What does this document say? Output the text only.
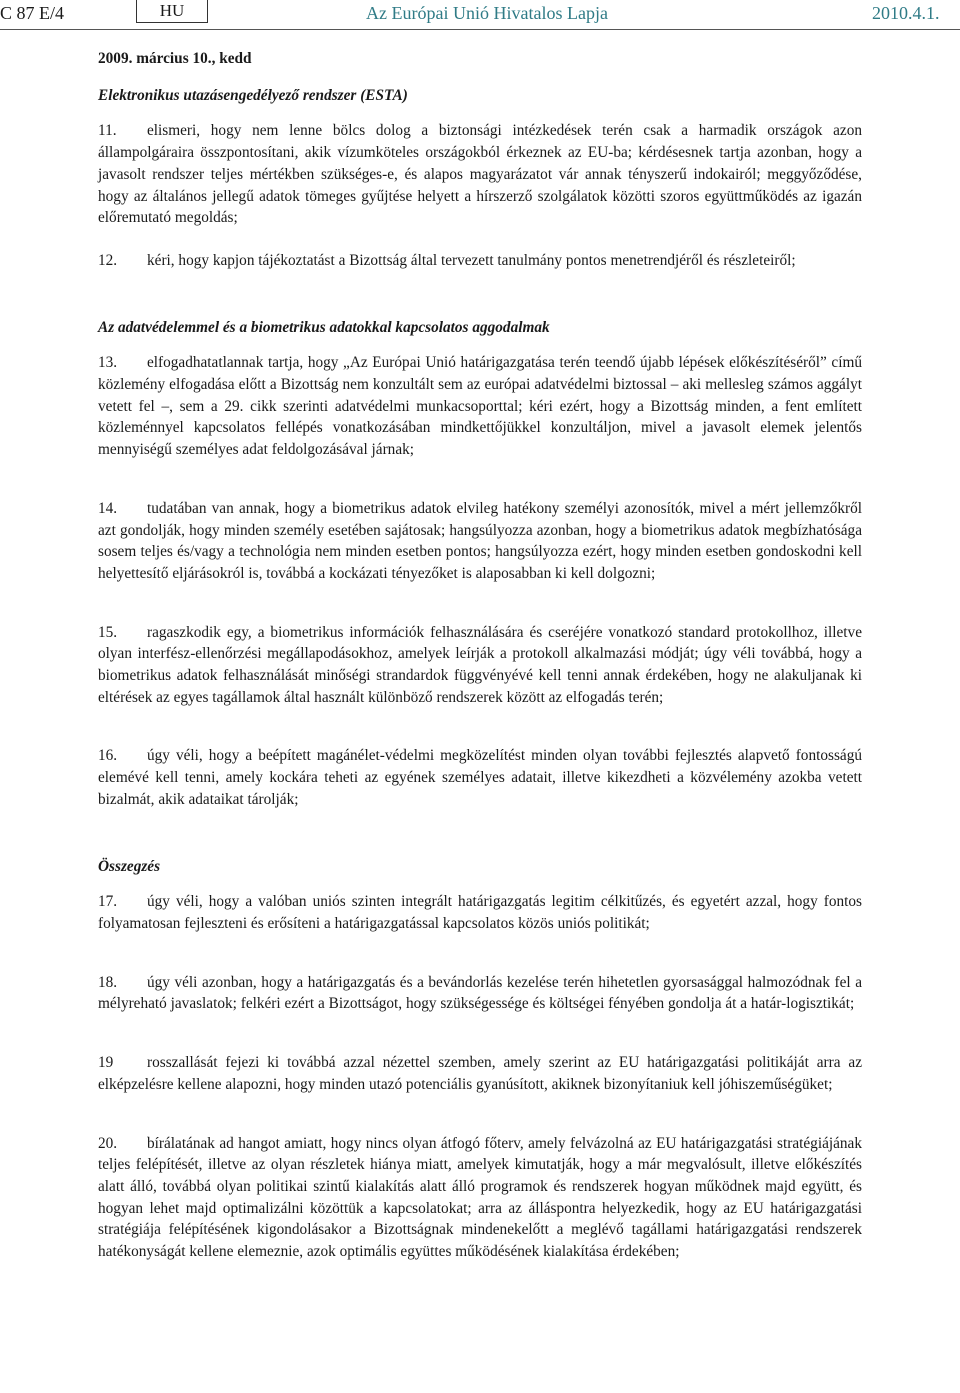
C 87 E/4	HU	Az Európai Unió Hivatalos Lapja	2010.4.1.

2009. március 10., kedd

Elektronikus utazásengedélyező rendszer (ESTA)

11. elismeri, hogy nem lenne bölcs dolog a biztonsági intézkedések terén csak a harmadik országok azon állampolgáraira összpontosítani, akik vízumköteles országokból érkeznek az EU-ba; kérdésesnek tartja azonban, hogy a javasolt rendszer teljes mértékben szükséges-e, és alapos magyarázatot vár annak tényszerű indokairól; meggyőződése, hogy az általános jellegű adatok tömeges gyűjtése helyett a hírszerző szolgálatok közötti szoros együttműködés az igazán előremutató megoldás;

12. kéri, hogy kapjon tájékoztatást a Bizottság által tervezett tanulmány pontos menetrendjéről és részleteiről;

Az adatvédelemmel és a biometrikus adatokkal kapcsolatos aggodalmak

13. elfogadhatatlannak tartja, hogy „Az Európai Unió határigazgatása terén teendő újabb lépések előkészítéséről” című közlemény elfogadása előtt a Bizottság nem konzultált sem az európai adatvédelmi biztossal – aki mellesleg számos aggályt vetett fel –, sem a 29. cikk szerinti adatvédelmi munkacsoporttal; kéri ezért, hogy a Bizottság minden, a fent említett közleménnyel kapcsolatos fellépés vonatkozásában mindkettőjükkel konzultáljon, mivel a javasolt elemek jelentős mennyiségű személyes adat feldolgozásával járnak;

14. tudatában van annak, hogy a biometrikus adatok elvileg hatékony személyi azonosítók, mivel a mért jellemzőkről azt gondolják, hogy minden személy esetében sajátosak; hangsúlyozza azonban, hogy a biometrikus adatok megbízhatósága sosem teljes és/vagy a technológia nem minden esetben pontos; hangsúlyozza ezért, hogy minden esetben gondoskodni kell helyettesítő eljárásokról is, továbbá a kockázati tényezőket is alaposabban ki kell dolgozni;

15. ragaszkodik egy, a biometrikus információk felhasználására és cseréjére vonatkozó standard protokollhoz, illetve olyan interfész-ellenőrzési megállapodásokhoz, amelyek leírják a protokoll alkalmazási módját; úgy véli továbbá, hogy a biometrikus adatok felhasználását minőségi strandardok függvényévé kell tenni annak érdekében, hogy ne alakuljanak ki eltérések az egyes tagállamok által használt különböző rendszerek között az elfogadás terén;

16. úgy véli, hogy a beépített magánélet-védelmi megközelítést minden olyan további fejlesztés alapvető fontosságú elemévé kell tenni, amely kockára teheti az egyének személyes adatait, illetve kikezdheti a közvélemény azokba vetett bizalmát, akik adataikat tárolják;

Összegzés

17. úgy véli, hogy a valóban uniós szinten integrált határigazgatás legitim célkitűzés, és egyetért azzal, hogy fontos folyamatosan fejleszteni és erősíteni a határigazgatással kapcsolatos közös uniós politikát;

18. úgy véli azonban, hogy a határigazgatás és a bevándorlás kezelése terén hihetetlen gyorsasággal halmozódnak fel a mélyreható javaslatok; felkéri ezért a Bizottságot, hogy szükségessége és költségei fényében gondolja át a határ-logisztikát;

19 rosszallását fejezi ki továbbá azzal nézettel szemben, amely szerint az EU határigazgatási politikáját arra az elképzelésre kellene alapozni, hogy minden utazó potenciális gyanúsított, akiknek bizonyítaniuk kell jóhiszeműségüket;

20. bírálatának ad hangot amiatt, hogy nincs olyan átfogó főterv, amely felvázolná az EU határigazgatási stratégiájának teljes felépítését, illetve az olyan részletek hiánya miatt, amelyek kimutatják, hogy a már megvalósult, illetve előkészítés alatt álló, továbbá olyan politikai szintű kialakítás alatt álló programok és rendszerek hogyan működnek majd együtt, és hogyan lehet majd optimalizálni közöttük a kapcsolatokat; arra az álláspontra helyezkedik, hogy az EU határigazgatási stratégiája felépítésének kigondolásakor a Bizottságnak mindenekelőtt a meglévő tagállami határigazgatási rendszerek hatékonyságát kellene elemeznie, azok optimális együttes működésének kialakítása érdekében;
